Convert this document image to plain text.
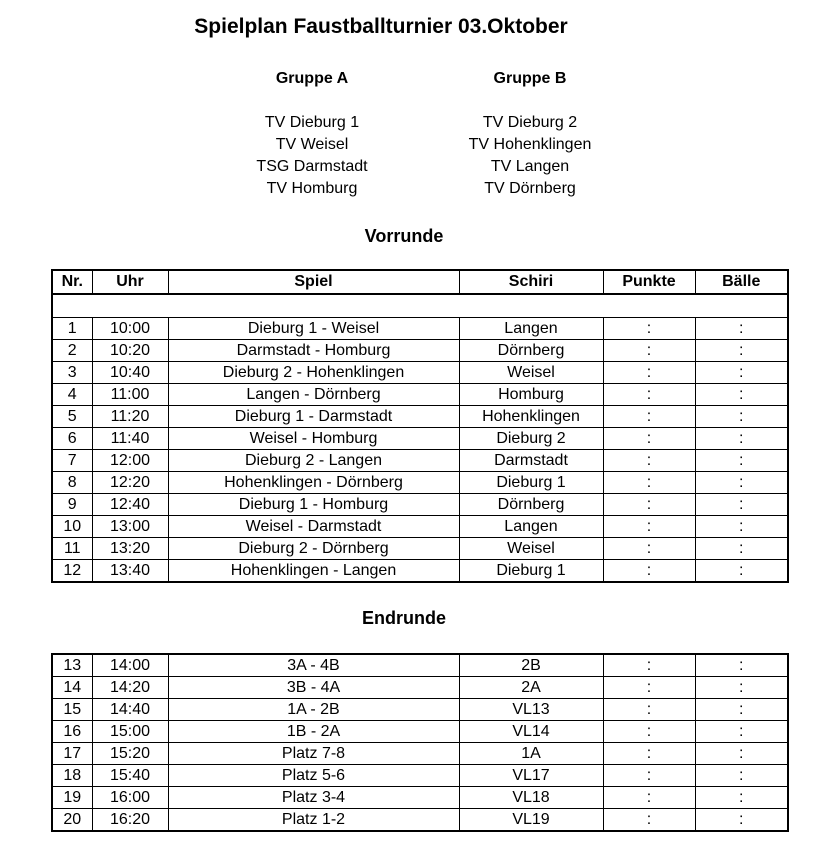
Spielplan Faustballturnier 03.Oktober
Gruppe A
TV Dieburg 1
TV Weisel
TSG Darmstadt
TV Homburg
Gruppe B
TV Dieburg 2
TV Hohenklingen
TV Langen
TV Dörnberg
Vorrunde
Nr.	Uhr	Spiel	Schiri	Punkte	Bälle

1	10:00	Dieburg 1 - Weisel	Langen	:	:
2	10:20	Darmstadt - Homburg	Dörnberg	:	:
3	10:40	Dieburg 2 - Hohenklingen	Weisel	:	:
4	11:00	Langen - Dörnberg	Homburg	:	:
5	11:20	Dieburg 1 - Darmstadt	Hohenklingen	:	:
6	11:40	Weisel - Homburg	Dieburg 2	:	:
7	12:00	Dieburg 2 - Langen	Darmstadt	:	:
8	12:20	Hohenklingen - Dörnberg	Dieburg 1	:	:
9	12:40	Dieburg 1 - Homburg	Dörnberg	:	:
10	13:00	Weisel - Darmstadt	Langen	:	:
11	13:20	Dieburg 2 - Dörnberg	Weisel	:	:
12	13:40	Hohenklingen - Langen	Dieburg 1	:	:
Endrunde
13	14:00	3A - 4B	2B	:	:
14	14:20	3B - 4A	2A	:	:
15	14:40	1A - 2B	VL13	:	:
16	15:00	1B - 2A	VL14	:	:
17	15:20	Platz 7-8	1A	:	:
18	15:40	Platz 5-6	VL17	:	:
19	16:00	Platz 3-4	VL18	:	:
20	16:20	Platz 1-2	VL19	:	:
